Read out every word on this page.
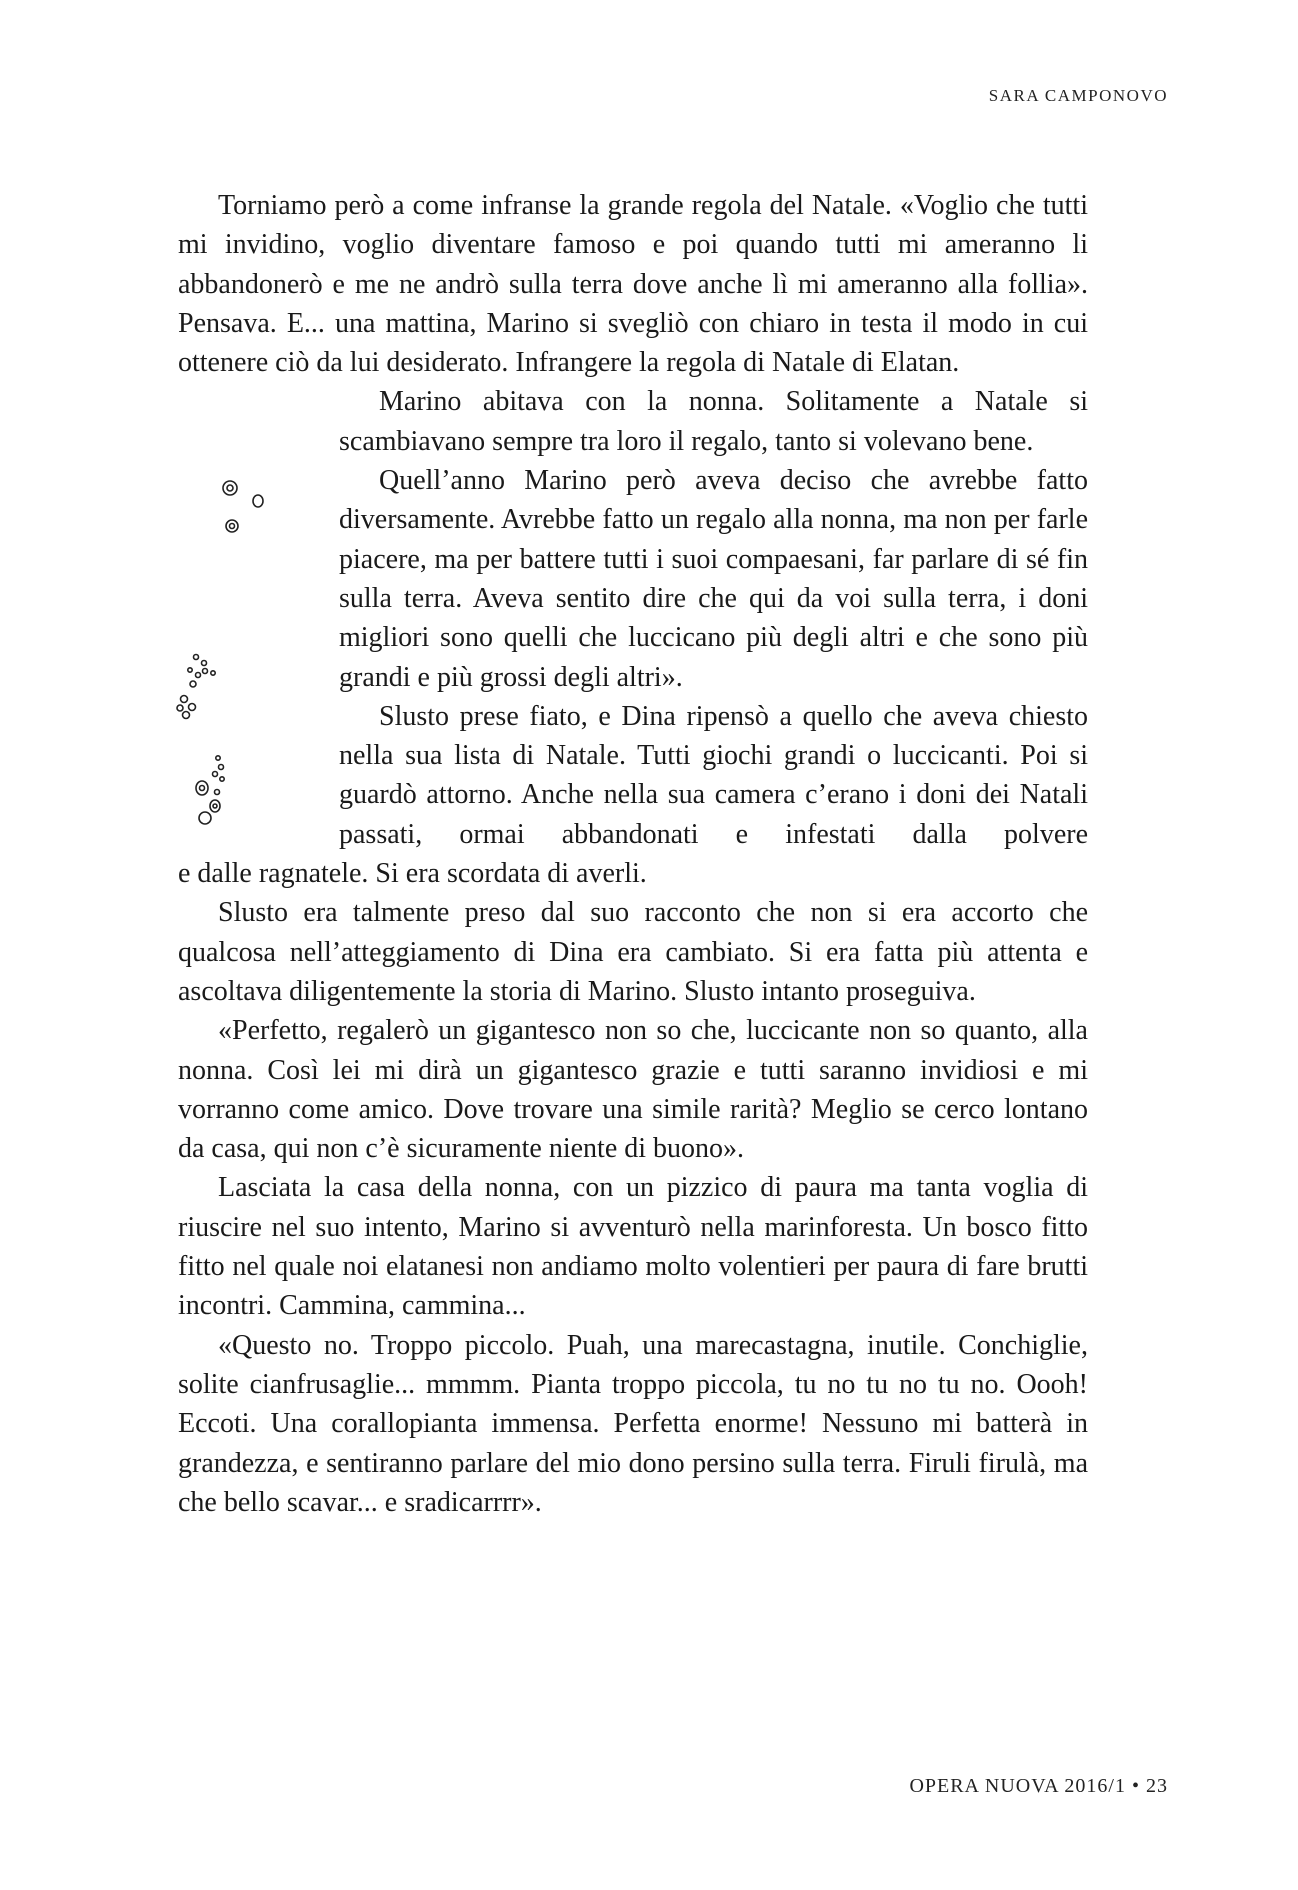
SARA CAMPONOVO

Torniamo però a come infranse la grande regola del Natale. «Voglio che tutti mi invidino, voglio diventare famoso e poi quando tutti mi ameranno li abbandonerò e me ne andrò sulla terra dove anche lì mi ameranno alla follia». Pensava. E... una mattina, Marino si svegliò con chiaro in testa il modo in cui ottenere ciò da lui desiderato. Infrangere la regola di Natale di Elatan.

Marino abitava con la nonna. Solitamente a Natale si scambiavano sempre tra loro il regalo, tanto si volevano bene.

Quell’anno Marino però aveva deciso che avrebbe fatto diversamente. Avrebbe fatto un regalo alla nonna, ma non per farle piacere, ma per battere tutti i suoi compaesani, far parlare di sé fin sulla terra. Aveva sentito dire che qui da voi sulla terra, i doni migliori sono quelli che luccicano più degli altri e che sono più grandi e più grossi degli altri».

Slusto prese fiato, e Dina ripensò a quello che aveva chiesto nella sua lista di Natale. Tutti giochi grandi o luccicanti. Poi si guardò attorno. Anche nella sua camera c’erano i doni dei Natali passati, ormai abbandonati e infestati dalla polvere

e dalle ragnatele. Si era scordata di averli.

Slusto era talmente preso dal suo racconto che non si era accorto che qualcosa nell’atteggiamento di Dina era cambiato. Si era fatta più attenta e ascoltava diligentemente la storia di Marino. Slusto intanto proseguiva.

«Perfetto, regalerò un gigantesco non so che, luccicante non so quanto, alla nonna. Così lei mi dirà un gigantesco grazie e tutti saranno invidiosi e mi vorranno come amico. Dove trovare una simile rarità? Meglio se cerco lontano da casa, qui non c’è sicuramente niente di buono».

Lasciata la casa della nonna, con un pizzico di paura ma tanta voglia di riuscire nel suo intento, Marino si avventurò nella marinforesta. Un bosco fitto fitto nel quale noi elatanesi non andiamo molto volentieri per paura di fare brutti incontri. Cammina, cammina...

«Questo no. Troppo piccolo. Puah, una marecastagna, inutile. Conchiglie, solite cianfrusaglie... mmmm. Pianta troppo piccola, tu no tu no tu no. Oooh! Eccoti. Una corallopianta immensa. Perfetta enorme! Nessuno mi batterà in grandezza, e sentiranno parlare del mio dono persino sulla terra. Firuli firulà, ma che bello scavar... e sradicarrrr».

OPERA NUOVA 2016/1 • 23
